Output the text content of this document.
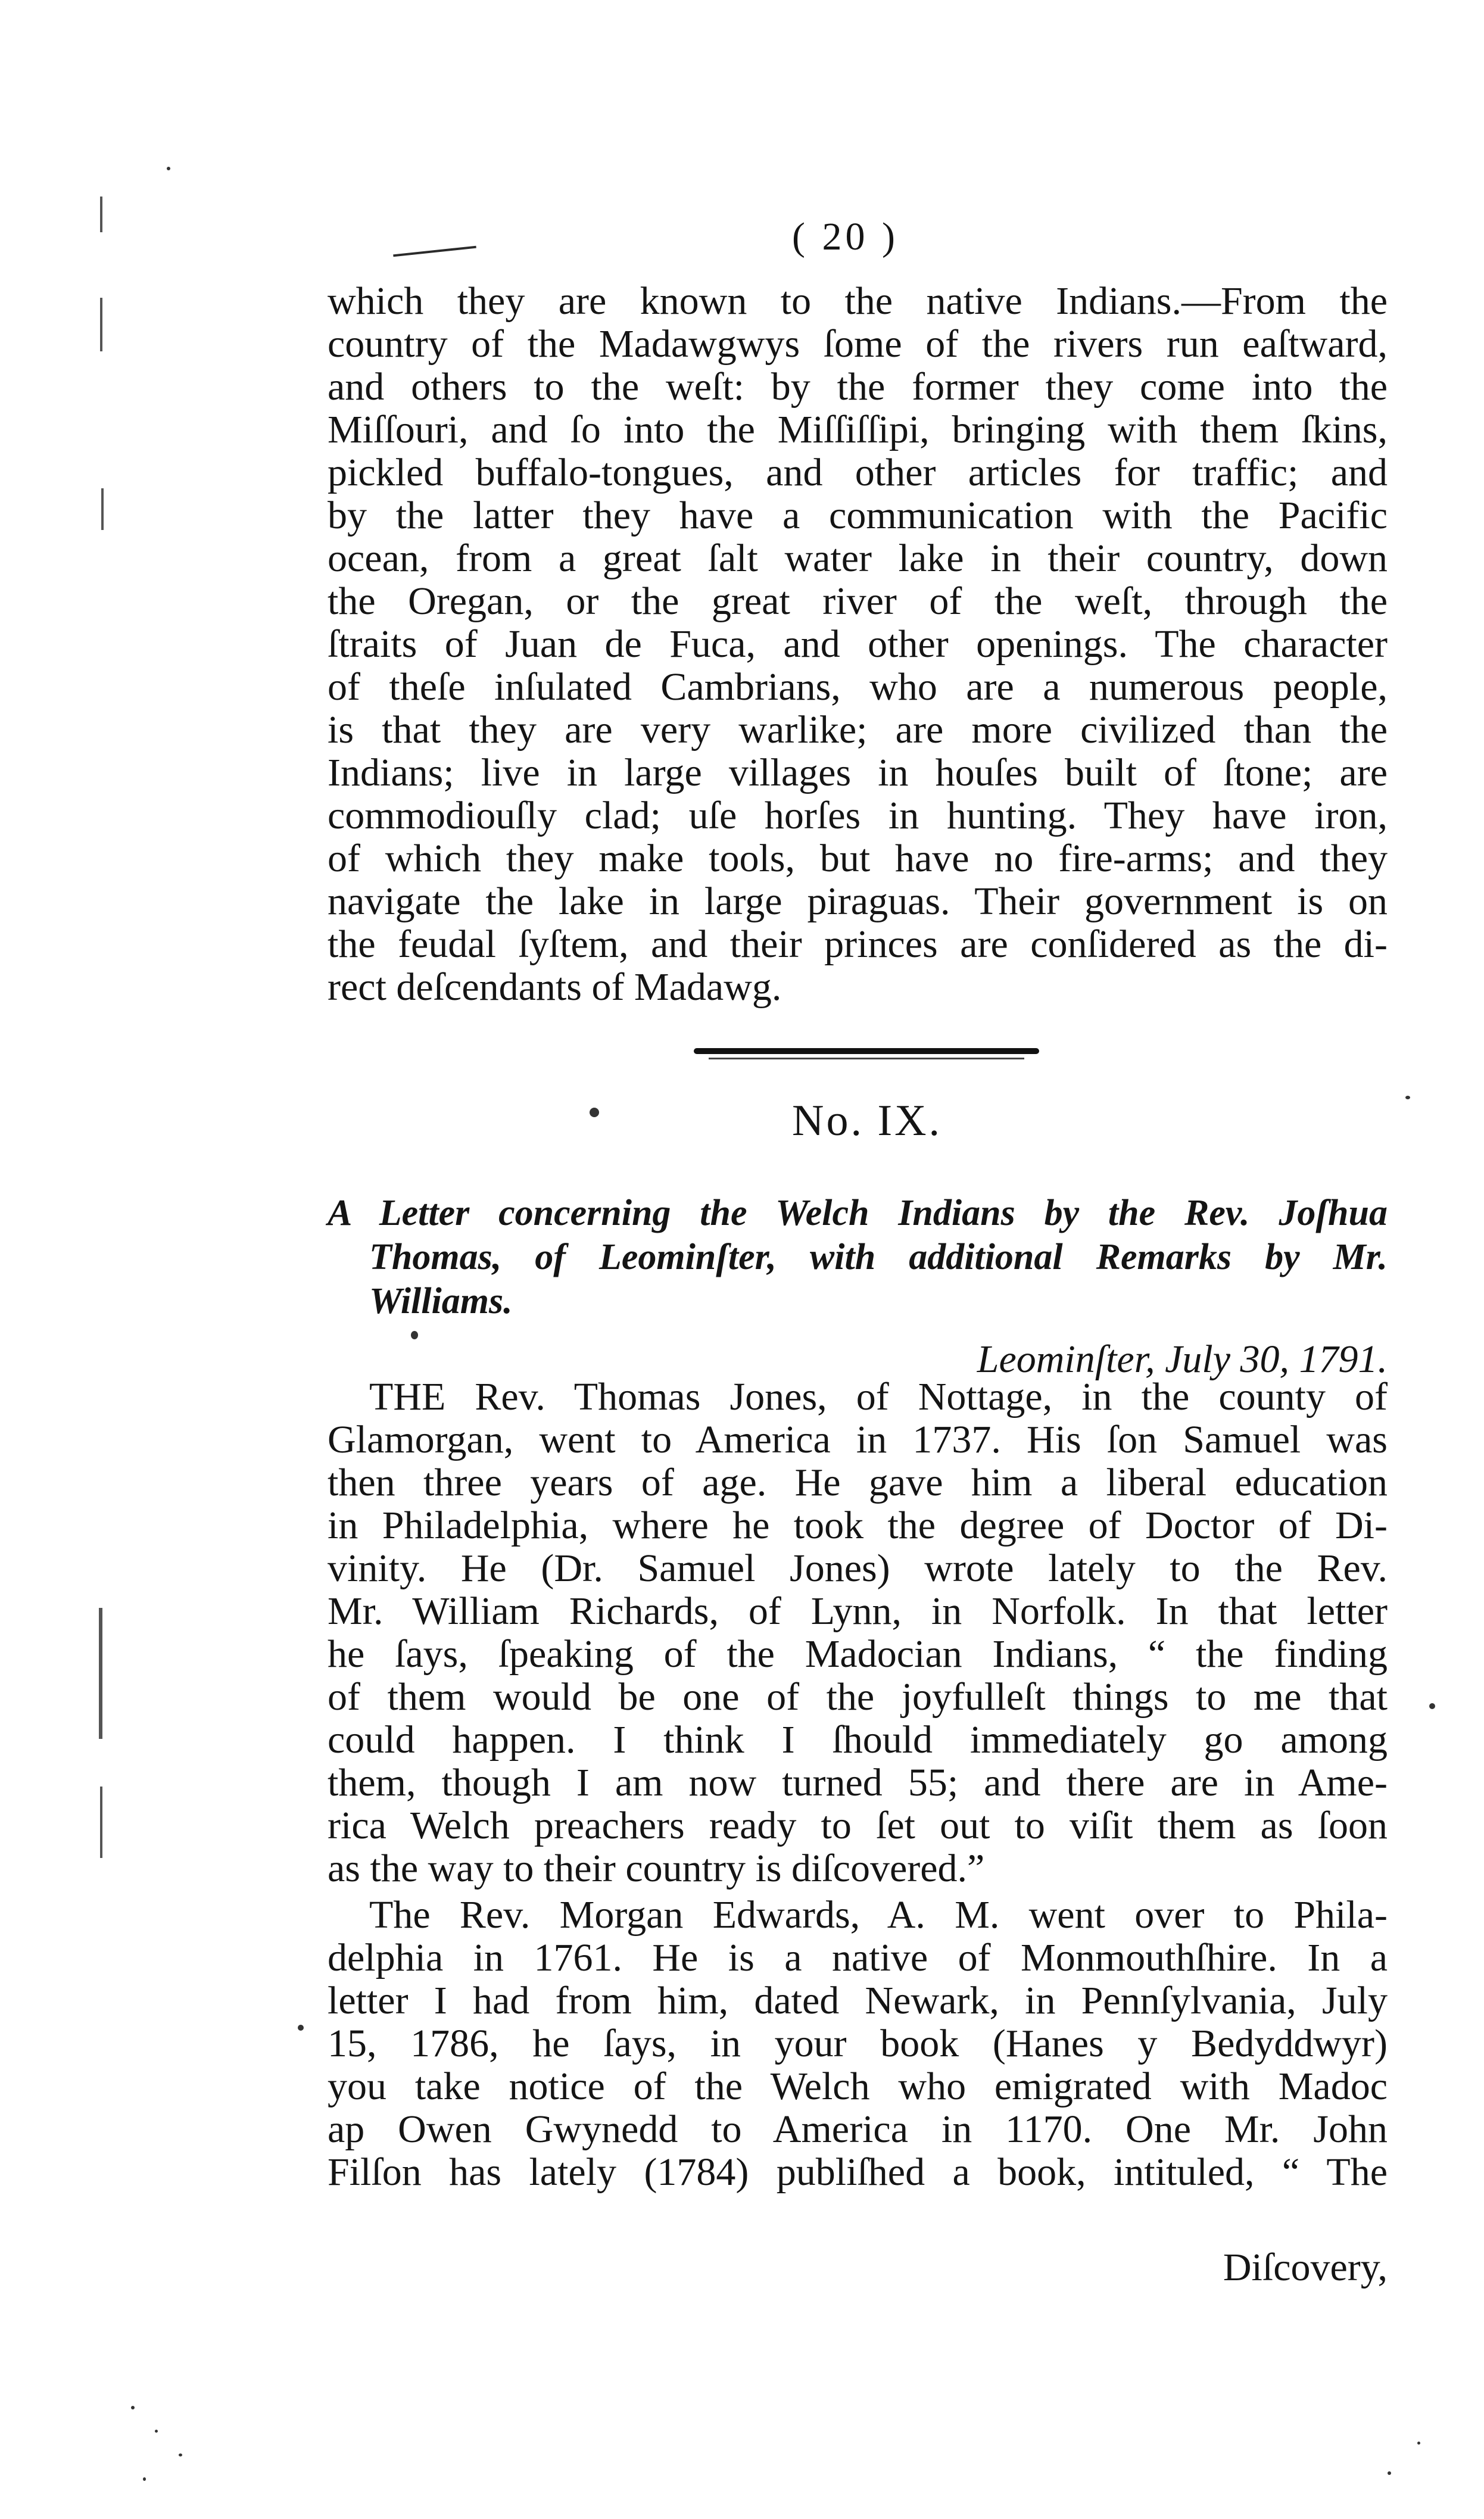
( 20 )
which they are known to the native Indians.—From the
country of the Madawgwys ſome of the rivers run eaſtward,
and others to the weſt: by the former they come into the
Miſſouri, and ſo into the Miſſiſſipi, bringing with them ſkins,
pickled buffalo-tongues, and other articles for traffic; and
by the latter they have a communication with the Pacific
ocean, from a great ſalt water lake in their country, down
the Oregan, or the great river of the weſt, through the
ſtraits of Juan de Fuca, and other openings. The character
of theſe inſulated Cambrians, who are a numerous people,
is that they are very warlike; are more civilized than the
Indians; live in large villages in houſes built of ſtone; are
commodiouſly clad; uſe horſes in hunting. They have iron,
of which they make tools, but have no fire-arms; and they
navigate the lake in large piraguas. Their government is on
the feudal ſyſtem, and their princes are conſidered as the di-
rect deſcendants of Madawg.
No. IX.
A Letter concerning the Welch Indians by the Rev. Joſhua
Thomas, of Leominſter, with additional Remarks by Mr.
Williams.
Leominſter, July 30, 1791.
THE Rev. Thomas Jones, of Nottage, in the county of
Glamorgan, went to America in 1737. His ſon Samuel was
then three years of age. He gave him a liberal education
in Philadelphia, where he took the degree of Doctor of Di-
vinity. He (Dr. Samuel Jones) wrote lately to the Rev.
Mr. William Richards, of Lynn, in Norfolk. In that letter
he ſays, ſpeaking of the Madocian Indians, “ the finding
of them would be one of the joyfulleſt things to me that
could happen. I think I ſhould immediately go among
them, though I am now turned 55; and there are in Ame-
rica Welch preachers ready to ſet out to viſit them as ſoon
as the way to their country is diſcovered.”
The Rev. Morgan Edwards, A. M. went over to Phila-
delphia in 1761. He is a native of Monmouthſhire. In a
letter I had from him, dated Newark, in Pennſylvania, July
15, 1786, he ſays, in your book (Hanes y Bedyddwyr)
you take notice of the Welch who emigrated with Madoc
ap Owen Gwynedd to America in 1170. One Mr. John
Filſon has lately (1784) publiſhed a book, intituled, “ The
Diſcovery,
